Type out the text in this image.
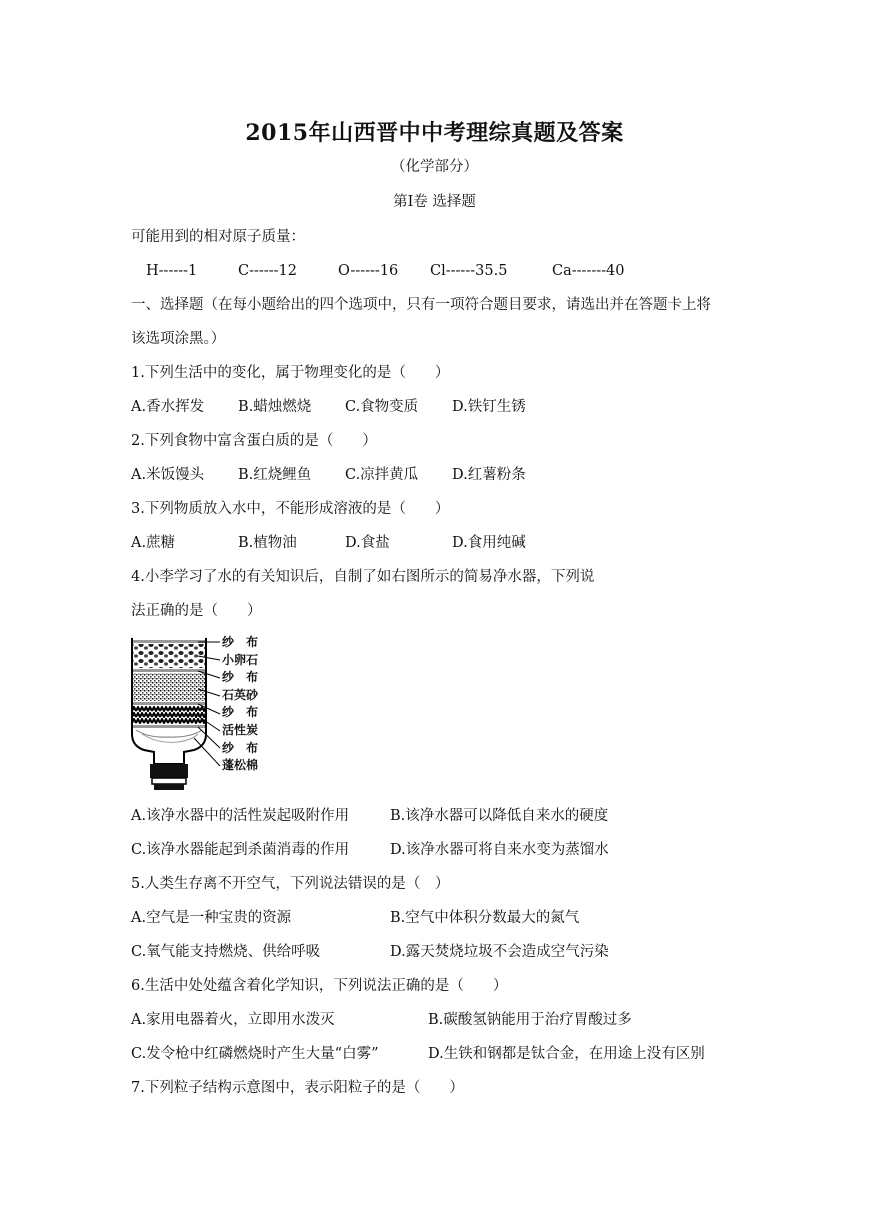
2015年山西晋中中考理综真题及答案
（化学部分）
第Ⅰ卷 选择题
可能用到的相对原子质量：
H------1	C------12	O------16 Cl------35.5	Ca-------40
一、选择题（在每小题给出的四个选项中，只有一项符合题目要求，请选出并在答题卡上将
该选项涂黑。）
1.下列生活中的变化，属于物理变化的是（　　）
A.香水挥发 B.蜡烛燃烧 C.食物变质 D.铁钉生锈
2.下列食物中富含蛋白质的是（　　）
A.米饭馒头 B.红烧鲤鱼 C.凉拌黄瓜 D.红薯粉条
3.下列物质放入水中，不能形成溶液的是（　　）
A.蔗糖	B.植物油	D.食盐	D.食用纯碱
4.小李学习了水的有关知识后，自制了如右图所示的简易净水器，下列说
法正确的是（　　）
纱　布
小卵石
纱　布
石英砂
纱　布
活性炭
纱　布
蓬松棉
A.该净水器中的活性炭起吸附作用	B.该净水器可以降低自来水的硬度
C.该净水器能起到杀菌消毒的作用	D.该净水器可将自来水变为蒸馏水
5.人类生存离不开空气，下列说法错误的是（　）
A.空气是一种宝贵的资源	B.空气中体积分数最大的氮气
C.氧气能支持燃烧、供给呼吸	D.露天焚烧垃圾不会造成空气污染
6.生活中处处蕴含着化学知识，下列说法正确的是（　　）
A.家用电器着火，立即用水泼灭	B.碳酸氢钠能用于治疗胃酸过多
C.发令枪中红磷燃烧时产生大量“白雾”	D.生铁和钢都是钛合金，在用途上没有区别
7.下列粒子结构示意图中，表示阳粒子的是（　　）
